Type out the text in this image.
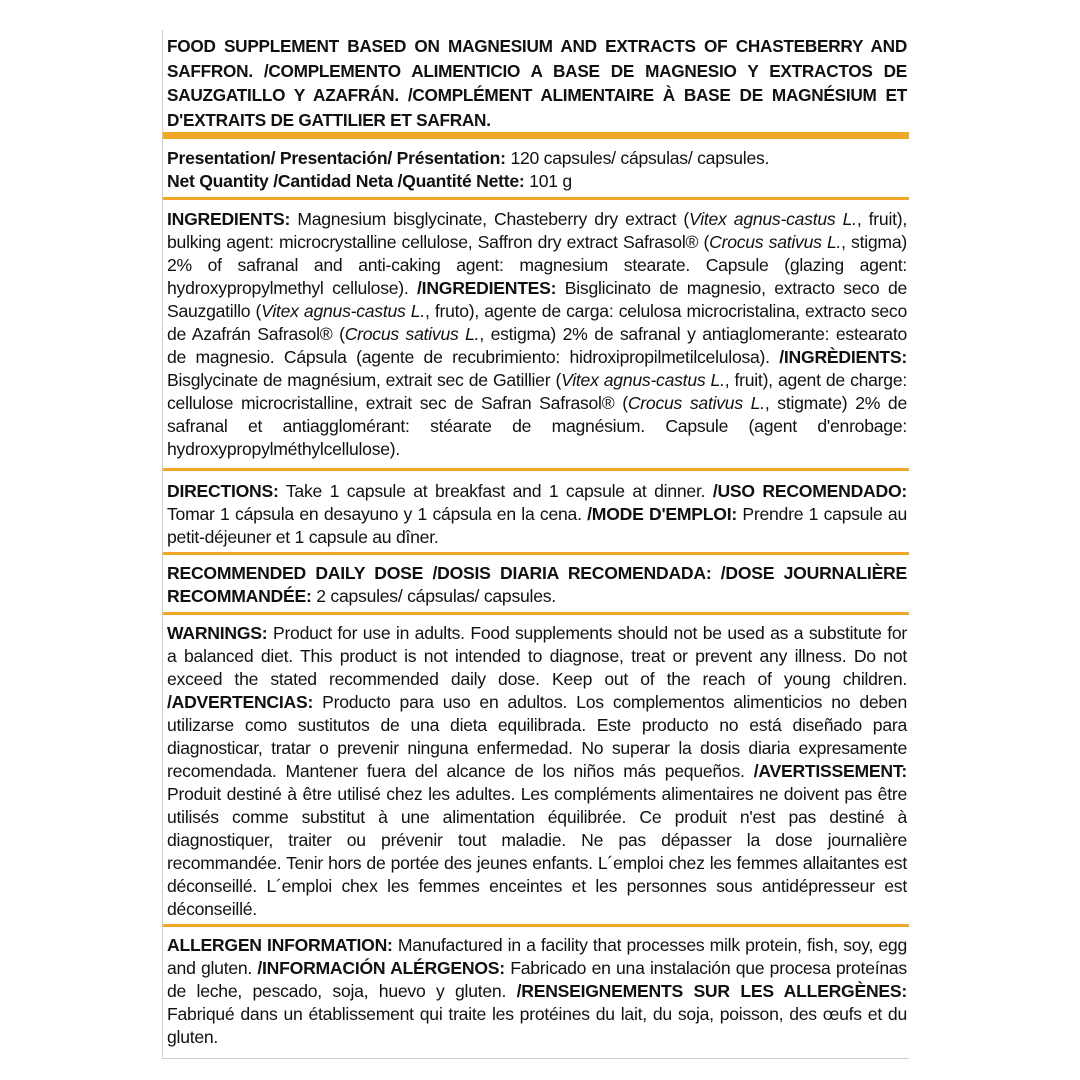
FOOD SUPPLEMENT BASED ON MAGNESIUM AND EXTRACTS OF CHASTEBERRY AND SAFFRON. /COMPLEMENTO ALIMENTICIO A BASE DE MAGNESIO Y EXTRACTOS DE SAUZGATILLO Y AZAFRÁN. /COMPLÉMENT ALIMENTAIRE À BASE DE MAGNÉSIUM ET D'EXTRAITS DE GATTILIER ET SAFRAN.
Presentation/ Presentación/ Présentation: 120 capsules/ cápsulas/ capsules.
Net Quantity /Cantidad Neta /Quantité Nette: 101 g
INGREDIENTS: Magnesium bisglycinate, Chasteberry dry extract (Vitex agnus-castus L., fruit), bulking agent: microcrystalline cellulose, Saffron dry extract Safrasol® (Crocus sativus L., stigma) 2% of safranal and anti-caking agent: magnesium stearate. Capsule (glazing agent: hydroxypropylmethyl cellulose). /INGREDIENTES: Bisglicinato de magnesio, extracto seco de Sauzgatillo (Vitex agnus-castus L., fruto), agente de carga: celulosa microcristalina, extracto seco de Azafrán Safrasol® (Crocus sativus L., estigma) 2% de safranal y antiaglomerante: estearato de magnesio. Cápsula (agente de recubrimiento: hidroxipropilmetilcelulosa). /INGRÈDIENTS: Bisglycinate de magnésium, extrait sec de Gatillier (Vitex agnus-castus L., fruit), agent de charge: cellulose microcristalline, extrait sec de Safran Safrasol® (Crocus sativus L., stigmate) 2% de safranal et antiagglomérant: stéarate de magnésium. Capsule (agent d'enrobage: hydroxypropylméthylcellulose).
DIRECTIONS: Take 1 capsule at breakfast and 1 capsule at dinner. /USO RECOMENDADO: Tomar 1 cápsula en desayuno y 1 cápsula en la cena. /MODE D'EMPLOI: Prendre 1 capsule au petit-déjeuner et 1 capsule au dîner.
RECOMMENDED DAILY DOSE /DOSIS DIARIA RECOMENDADA: /DOSE JOURNALIÈRE RECOMMANDÉE: 2 capsules/ cápsulas/ capsules.
WARNINGS: Product for use in adults. Food supplements should not be used as a substitute for a balanced diet. This product is not intended to diagnose, treat or prevent any illness. Do not exceed the stated recommended daily dose. Keep out of the reach of young children. /ADVERTENCIAS: Producto para uso en adultos. Los complementos alimenticios no deben utilizarse como sustitutos de una dieta equilibrada. Este producto no está diseñado para diagnosticar, tratar o prevenir ninguna enfermedad. No superar la dosis diaria expresamente recomendada. Mantener fuera del alcance de los niños más pequeños. /AVERTISSEMENT: Produit destiné à être utilisé chez les adultes. Les compléments alimentaires ne doivent pas être utilisés comme substitut à une alimentation équilibrée. Ce produit n'est pas destiné à diagnostiquer, traiter ou prévenir tout maladie. Ne pas dépasser la dose journalière recommandée. Tenir hors de portée des jeunes enfants. L´emploi chez les femmes allaitantes est déconseillé. L´emploi chex les femmes enceintes et les personnes sous antidépresseur est déconseillé.
ALLERGEN INFORMATION: Manufactured in a facility that processes milk protein, fish, soy, egg and gluten. /INFORMACIÓN ALÉRGENOS: Fabricado en una instalación que procesa proteínas de leche, pescado, soja, huevo y gluten. /RENSEIGNEMENTS SUR LES ALLERGÈNES: Fabriqué dans un établissement qui traite les protéines du lait, du soja, poisson, des œufs et du gluten.
